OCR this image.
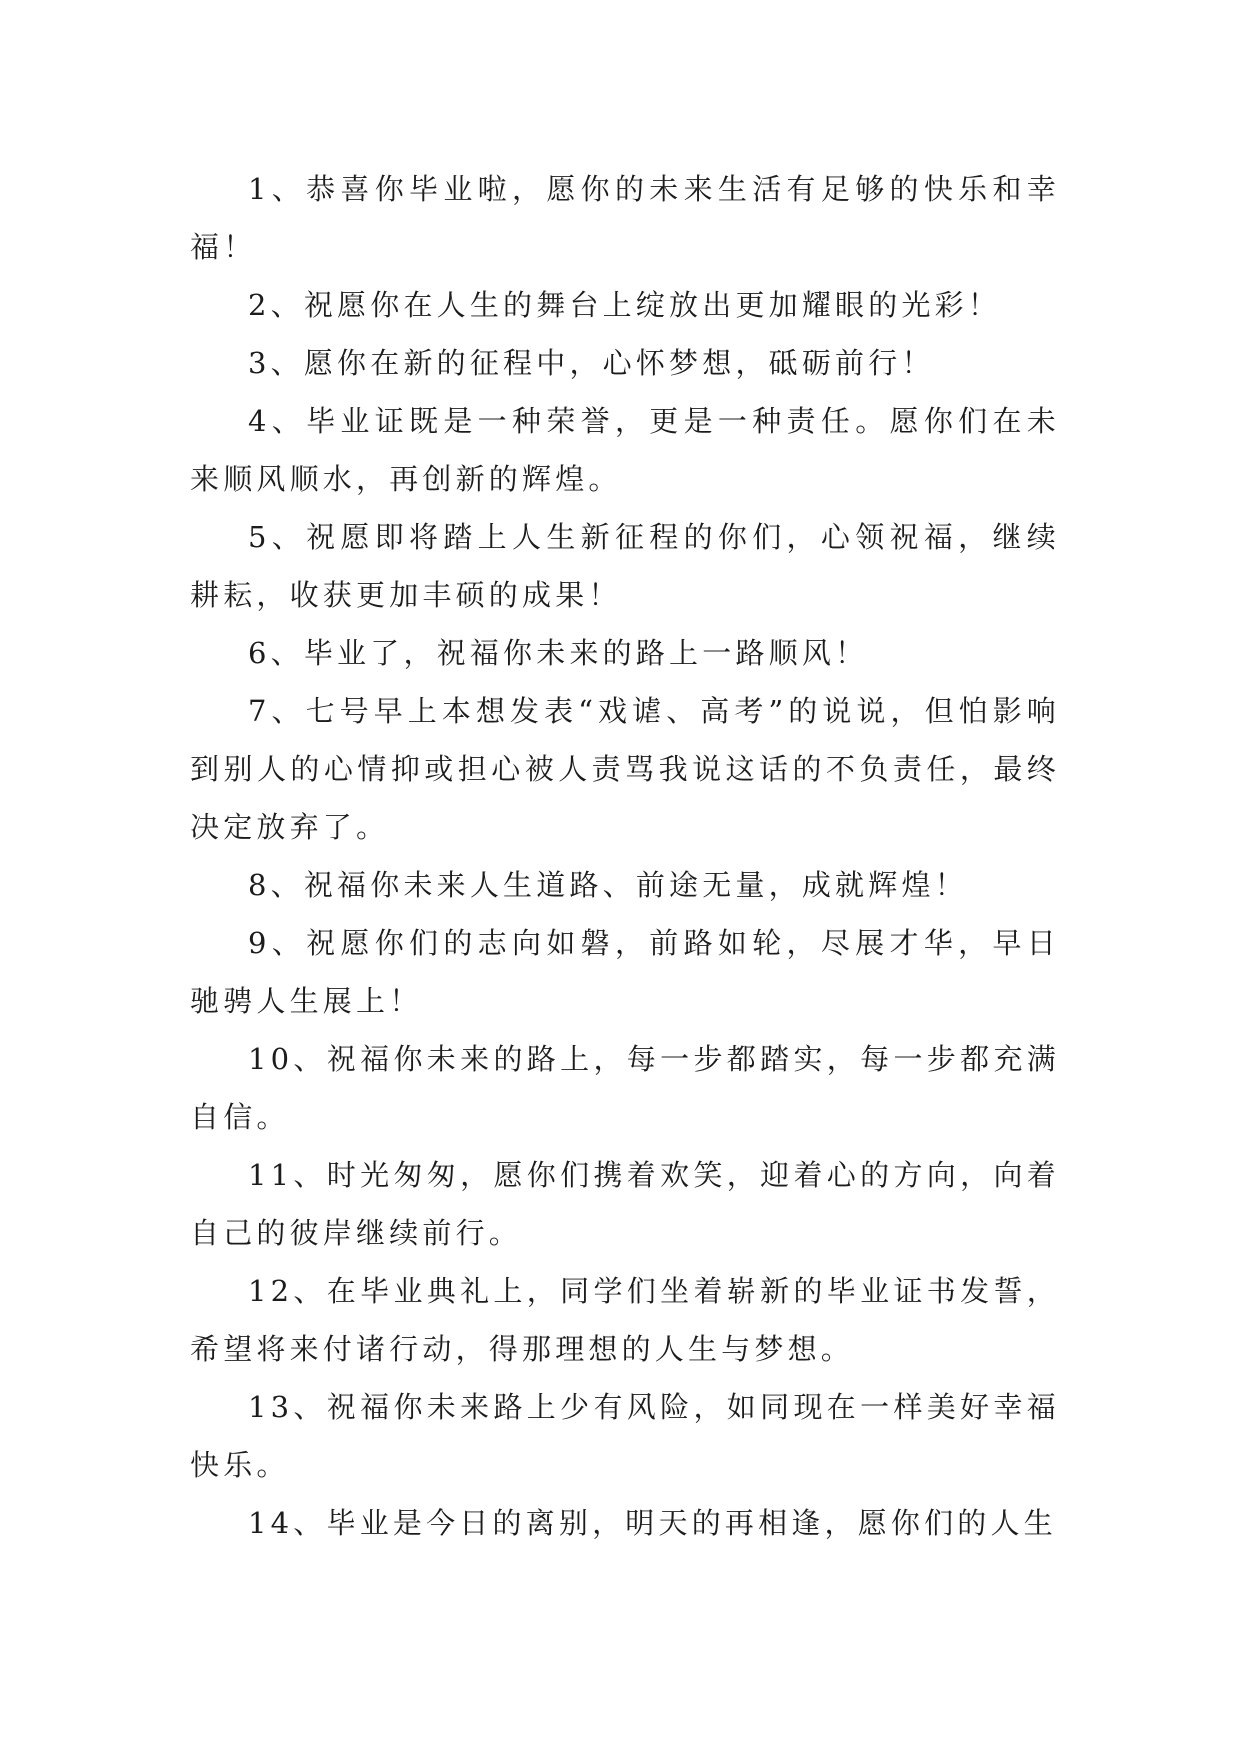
1、恭喜你毕业啦，愿你的未来生活有足够的快乐和幸福！

2、祝愿你在人生的舞台上绽放出更加耀眼的光彩！

3、愿你在新的征程中，心怀梦想，砥砺前行！

4、毕业证既是一种荣誉，更是一种责任。愿你们在未来顺风顺水，再创新的辉煌。

5、祝愿即将踏上人生新征程的你们，心领祝福，继续耕耘，收获更加丰硕的成果！

6、毕业了，祝福你未来的路上一路顺风！

7、七号早上本想发表“戏谑、高考”的说说，但怕影响到别人的心情抑或担心被人责骂我说这话的不负责任，最终决定放弃了。

8、祝福你未来人生道路、前途无量，成就辉煌！

9、祝愿你们的志向如磐，前路如轮，尽展才华，早日驰骋人生展上！

10、祝福你未来的路上，每一步都踏实，每一步都充满自信。

11、时光匆匆，愿你们携着欢笑，迎着心的方向，向着自己的彼岸继续前行。

12、在毕业典礼上，同学们坐着崭新的毕业证书发誓，希望将来付诸行动，得那理想的人生与梦想。

13、祝福你未来路上少有风险，如同现在一样美好幸福快乐。

14、毕业是今日的离别，明天的再相逢，愿你们的人生
